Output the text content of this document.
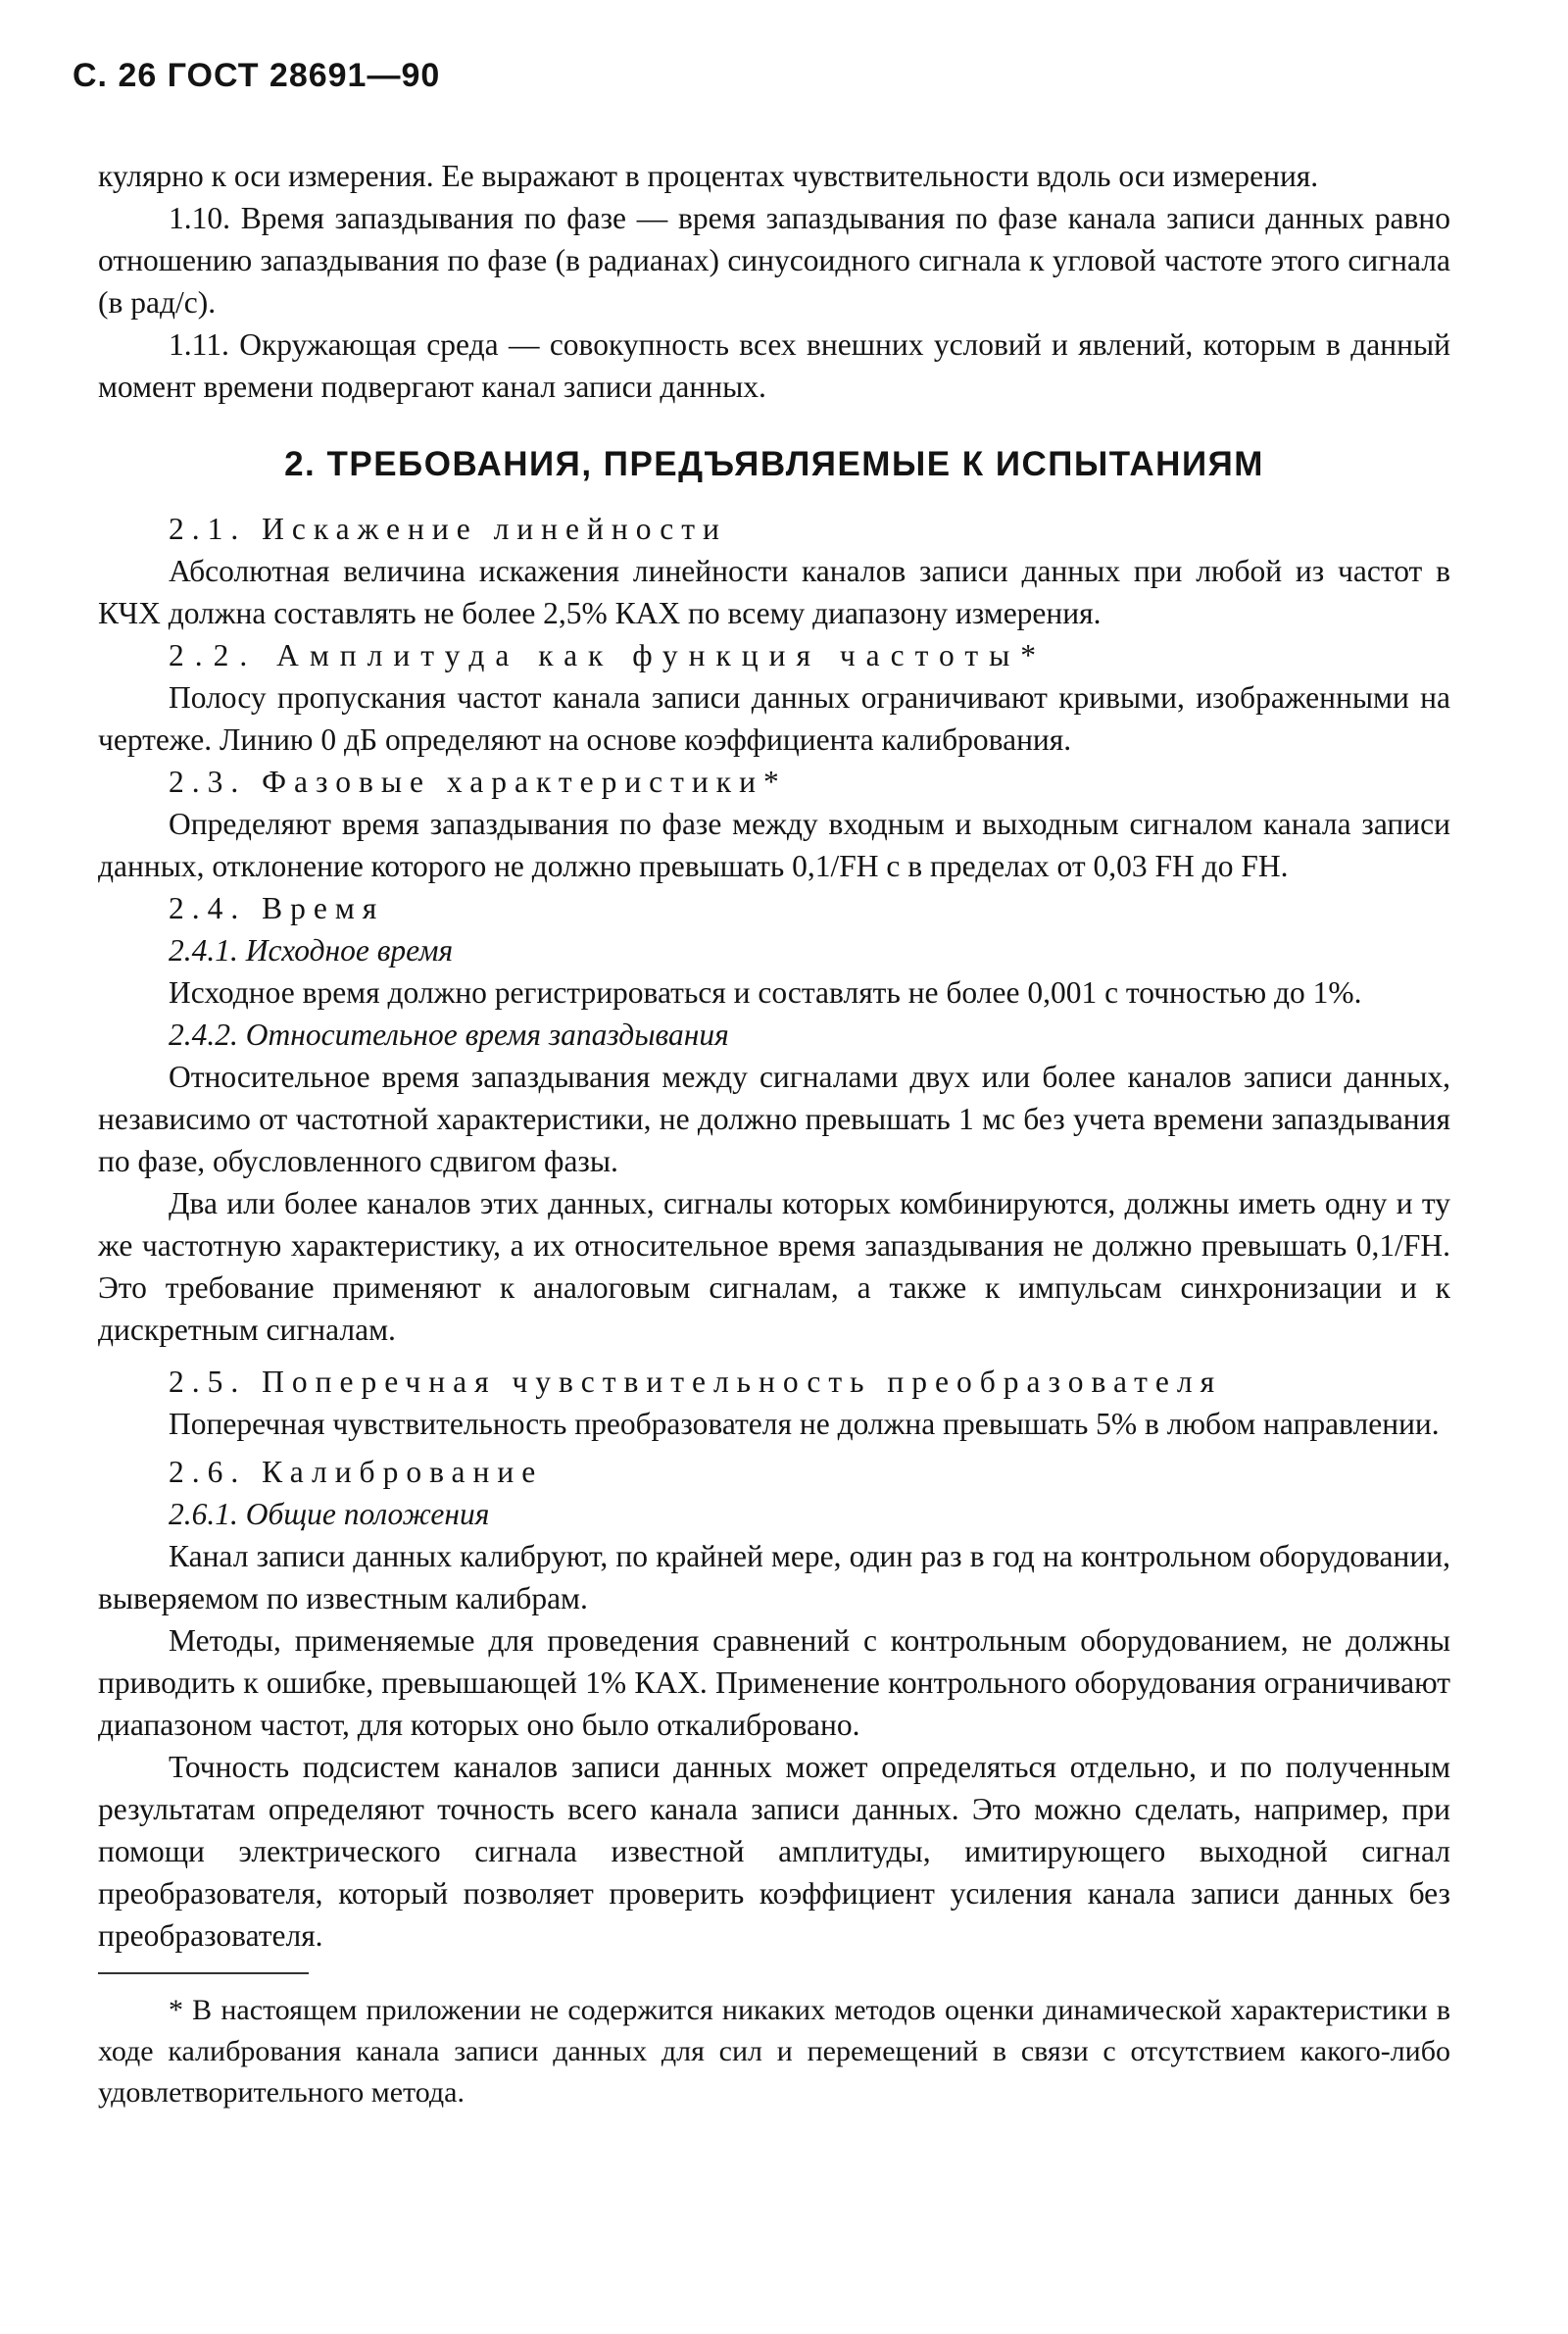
С. 26 ГОСТ 28691—90

кулярно к оси измерения. Ее выражают в процентах чувствительности вдоль оси измерения.

1.10. Время запаздывания по фазе — время запаздывания по фазе канала записи данных равно отношению запаздывания по фазе (в радианах) синусоидного сигнала к угловой частоте этого сигнала (в рад/с).

1.11. Окружающая среда — совокупность всех внешних условий и явлений, которым в данный момент времени подвергают канал записи данных.

2. ТРЕБОВАНИЯ, ПРЕДЪЯВЛЯЕМЫЕ К ИСПЫТАНИЯМ

2.1. Искажение линейности

Абсолютная величина искажения линейности каналов записи данных при любой из частот в КЧХ должна составлять не более 2,5% КАХ по всему диапазону измерения.

2.2. Амплитуда как функция частоты*

Полосу пропускания частот канала записи данных ограничивают кривыми, изображенными на чертеже. Линию 0 дБ определяют на основе коэффициента калибрования.

2.3. Фазовые характеристики*

Определяют время запаздывания по фазе между входным и выходным сигналом канала записи данных, отклонение которого не должно превышать 0,1/FН с в пределах от 0,03 FН до FН.

2.4. Время

2.4.1. Исходное время

Исходное время должно регистрироваться и составлять не более 0,001 с точностью до 1%.

2.4.2. Относительное время запаздывания

Относительное время запаздывания между сигналами двух или более каналов записи данных, независимо от частотной характеристики, не должно превышать 1 мс без учета времени запаздывания по фазе, обусловленного сдвигом фазы.

Два или более каналов этих данных, сигналы которых комбинируются, должны иметь одну и ту же частотную характеристику, а их относительное время запаздывания не должно превышать 0,1/FН. Это требование применяют к аналоговым сигналам, а также к импульсам синхронизации и к дискретным сигналам.

2.5. Поперечная чувствительность преобразователя

Поперечная чувствительность преобразователя не должна превышать 5% в любом направлении.

2.6. Калибрование

2.6.1. Общие положения

Канал записи данных калибруют, по крайней мере, один раз в год на контрольном оборудовании, выверяемом по известным калибрам.

Методы, применяемые для проведения сравнений с контрольным оборудованием, не должны приводить к ошибке, превышающей 1% КАХ. Применение контрольного оборудования ограничивают диапазоном частот, для которых оно было откалибровано.

Точность подсистем каналов записи данных может определяться отдельно, и по полученным результатам определяют точность всего канала записи данных. Это можно сделать, например, при помощи электрического сигнала известной амплитуды, имитирующего выходной сигнал преобразователя, который позволяет проверить коэффициент усиления канала записи данных без преобразователя.

* В настоящем приложении не содержится никаких методов оценки динамической характеристики в ходе калибрования канала записи данных для сил и перемещений в связи с отсутствием какого-либо удовлетворительного метода.
